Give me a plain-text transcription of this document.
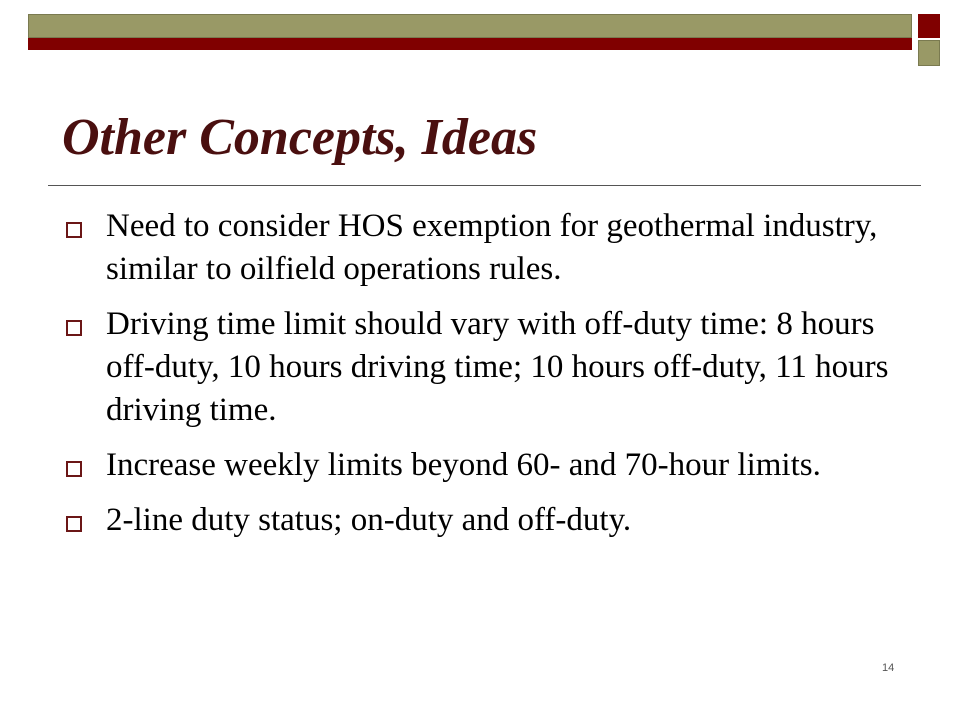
Other Concepts, Ideas
Need to consider HOS exemption for geothermal industry, similar to oilfield operations rules.
Driving time limit should vary with off-duty time: 8 hours off-duty, 10 hours driving time; 10 hours off-duty, 11 hours driving time.
Increase weekly limits beyond 60- and 70-hour limits.
2-line duty status; on-duty and off-duty.
14
